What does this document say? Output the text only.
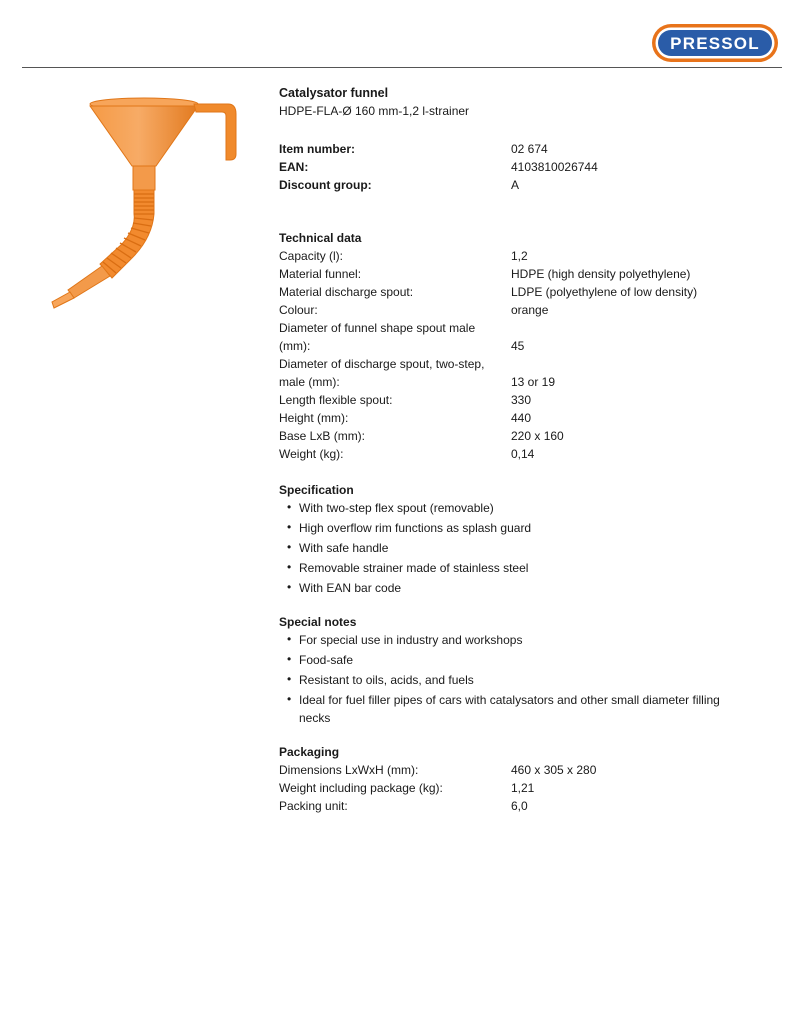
PRESSOL
Catalysator funnel
HDPE-FLA-Ø 160 mm-1,2 l-strainer
Item number:	02 674
EAN:	4103810026744
Discount group:	A
Technical data
Capacity (l):	1,2
Material funnel:	HDPE (high density polyethylene)
Material discharge spout:	LDPE (polyethylene of low density)
Colour:	orange
Diameter of funnel shape spout male
(mm):	45
Diameter of discharge spout, two-step,
male (mm):	13 or 19
Length flexible spout:	330
Height (mm):	440
Base LxB (mm):	220 x 160
Weight (kg):	0,14
Specification
• With two-step flex spout (removable)
• High overflow rim functions as splash guard
• With safe handle
• Removable strainer made of stainless steel
• With EAN bar code
Special notes
• For special use in industry and workshops
• Food-safe
• Resistant to oils, acids, and fuels
• Ideal for fuel filler pipes of cars with catalysators and other small diameter filling
necks
Packaging
Dimensions LxWxH (mm):	460 x 305 x 280
Weight including package (kg):	1,21
Packing unit:	6,0
